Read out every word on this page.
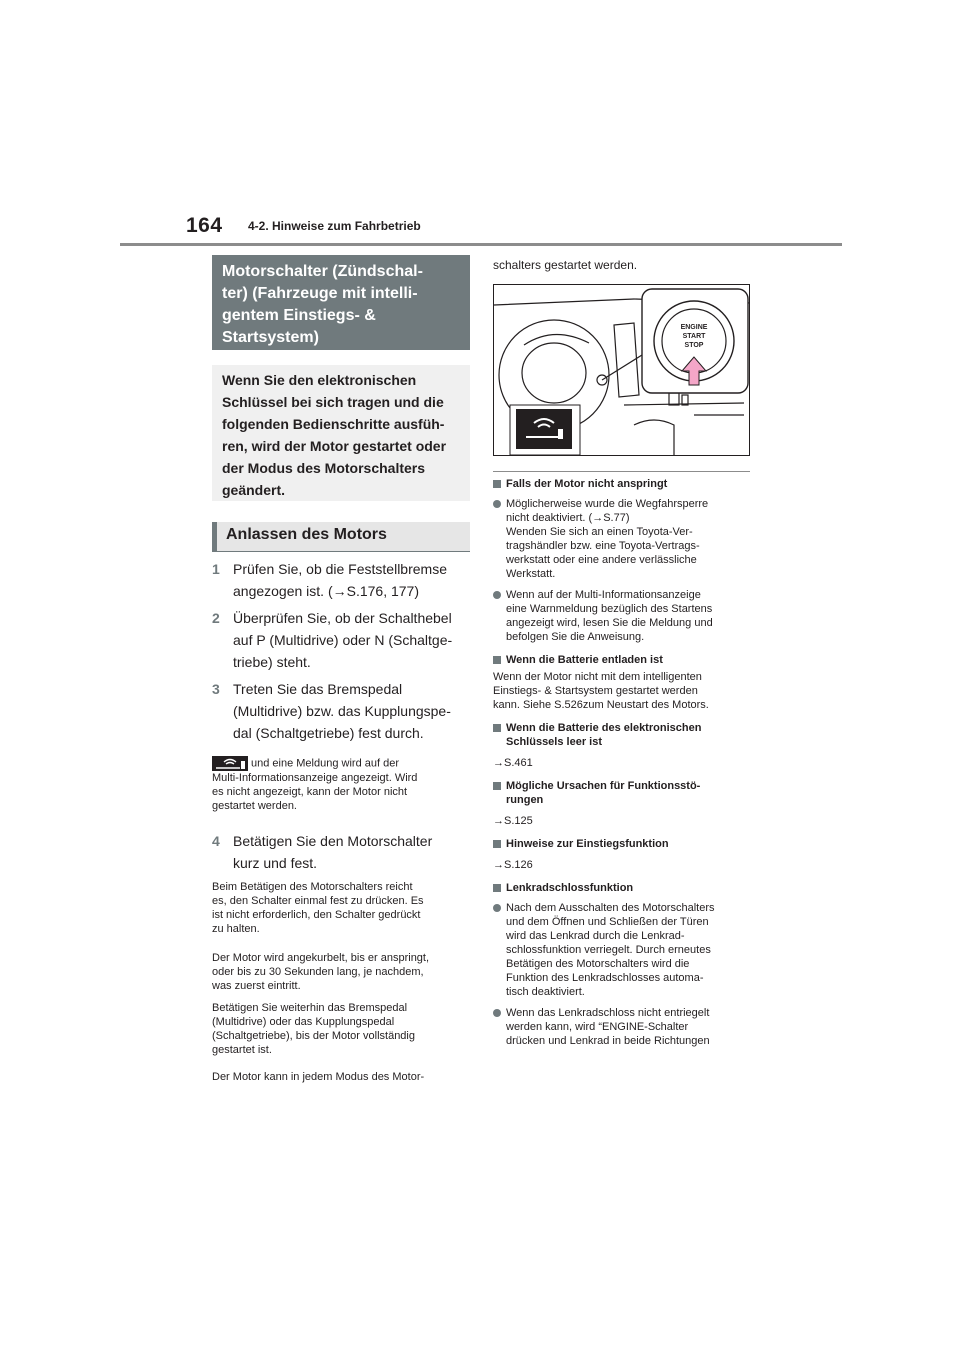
164 4-2. Hinweise zum Fahrbetrieb
Motorschalter (Zündschal-
ter) (Fahrzeuge mit intelli-
gentem Einstiegs- &
Startsystem)
Wenn Sie den elektronischen
Schlüssel bei sich tragen und die
folgenden Bedienschritte ausfüh-
ren, wird der Motor gestartet oder
der Modus des Motorschalters
geändert.
Anlassen des Motors
1 Prüfen Sie, ob die Feststellbremse
angezogen ist. (→S.176, 177)
2 Überprüfen Sie, ob der Schalthebel
auf P (Multidrive) oder N (Schaltge-
triebe) steht.
3 Treten Sie das Bremspedal
(Multidrive) bzw. das Kupplungspe-
dal (Schaltgetriebe) fest durch.
und eine Meldung wird auf der
Multi-Informationsanzeige angezeigt. Wird
es nicht angezeigt, kann der Motor nicht
gestartet werden.
4 Betätigen Sie den Motorschalter
kurz und fest.
Beim Betätigen des Motorschalters reicht
es, den Schalter einmal fest zu drücken. Es
ist nicht erforderlich, den Schalter gedrückt
zu halten.
Der Motor wird angekurbelt, bis er anspringt,
oder bis zu 30 Sekunden lang, je nachdem,
was zuerst eintritt.
Betätigen Sie weiterhin das Bremspedal
(Multidrive) oder das Kupplungspedal
(Schaltgetriebe), bis der Motor vollständig
gestartet ist.
Der Motor kann in jedem Modus des Motor-
schalters gestartet werden.
ENGINE
START
STOP
Falls der Motor nicht anspringt
Möglicherweise wurde die Wegfahrsperre
nicht deaktiviert. (→S.77)
Wenden Sie sich an einen Toyota-Ver-
tragshändler bzw. eine Toyota-Vertrags-
werkstatt oder eine andere verlässliche
Werkstatt.
Wenn auf der Multi-Informationsanzeige
eine Warnmeldung bezüglich des Startens
angezeigt wird, lesen Sie die Meldung und
befolgen Sie die Anweisung.
Wenn die Batterie entladen ist
Wenn der Motor nicht mit dem intelligenten
Einstiegs- & Startsystem gestartet werden
kann. Siehe S.526zum Neustart des Motors.
Wenn die Batterie des elektronischen
Schlüssels leer ist
→S.461
Mögliche Ursachen für Funktionsstö-
rungen
→S.125
Hinweise zur Einstiegsfunktion
→S.126
Lenkradschlossfunktion
Nach dem Ausschalten des Motorschalters
und dem Öffnen und Schließen der Türen
wird das Lenkrad durch die Lenkrad-
schlossfunktion verriegelt. Durch erneutes
Betätigen des Motorschalters wird die
Funktion des Lenkradschlosses automa-
tisch deaktiviert.
Wenn das Lenkradschloss nicht entriegelt
werden kann, wird “ENGINE-Schalter
drücken und Lenkrad in beide Richtungen
